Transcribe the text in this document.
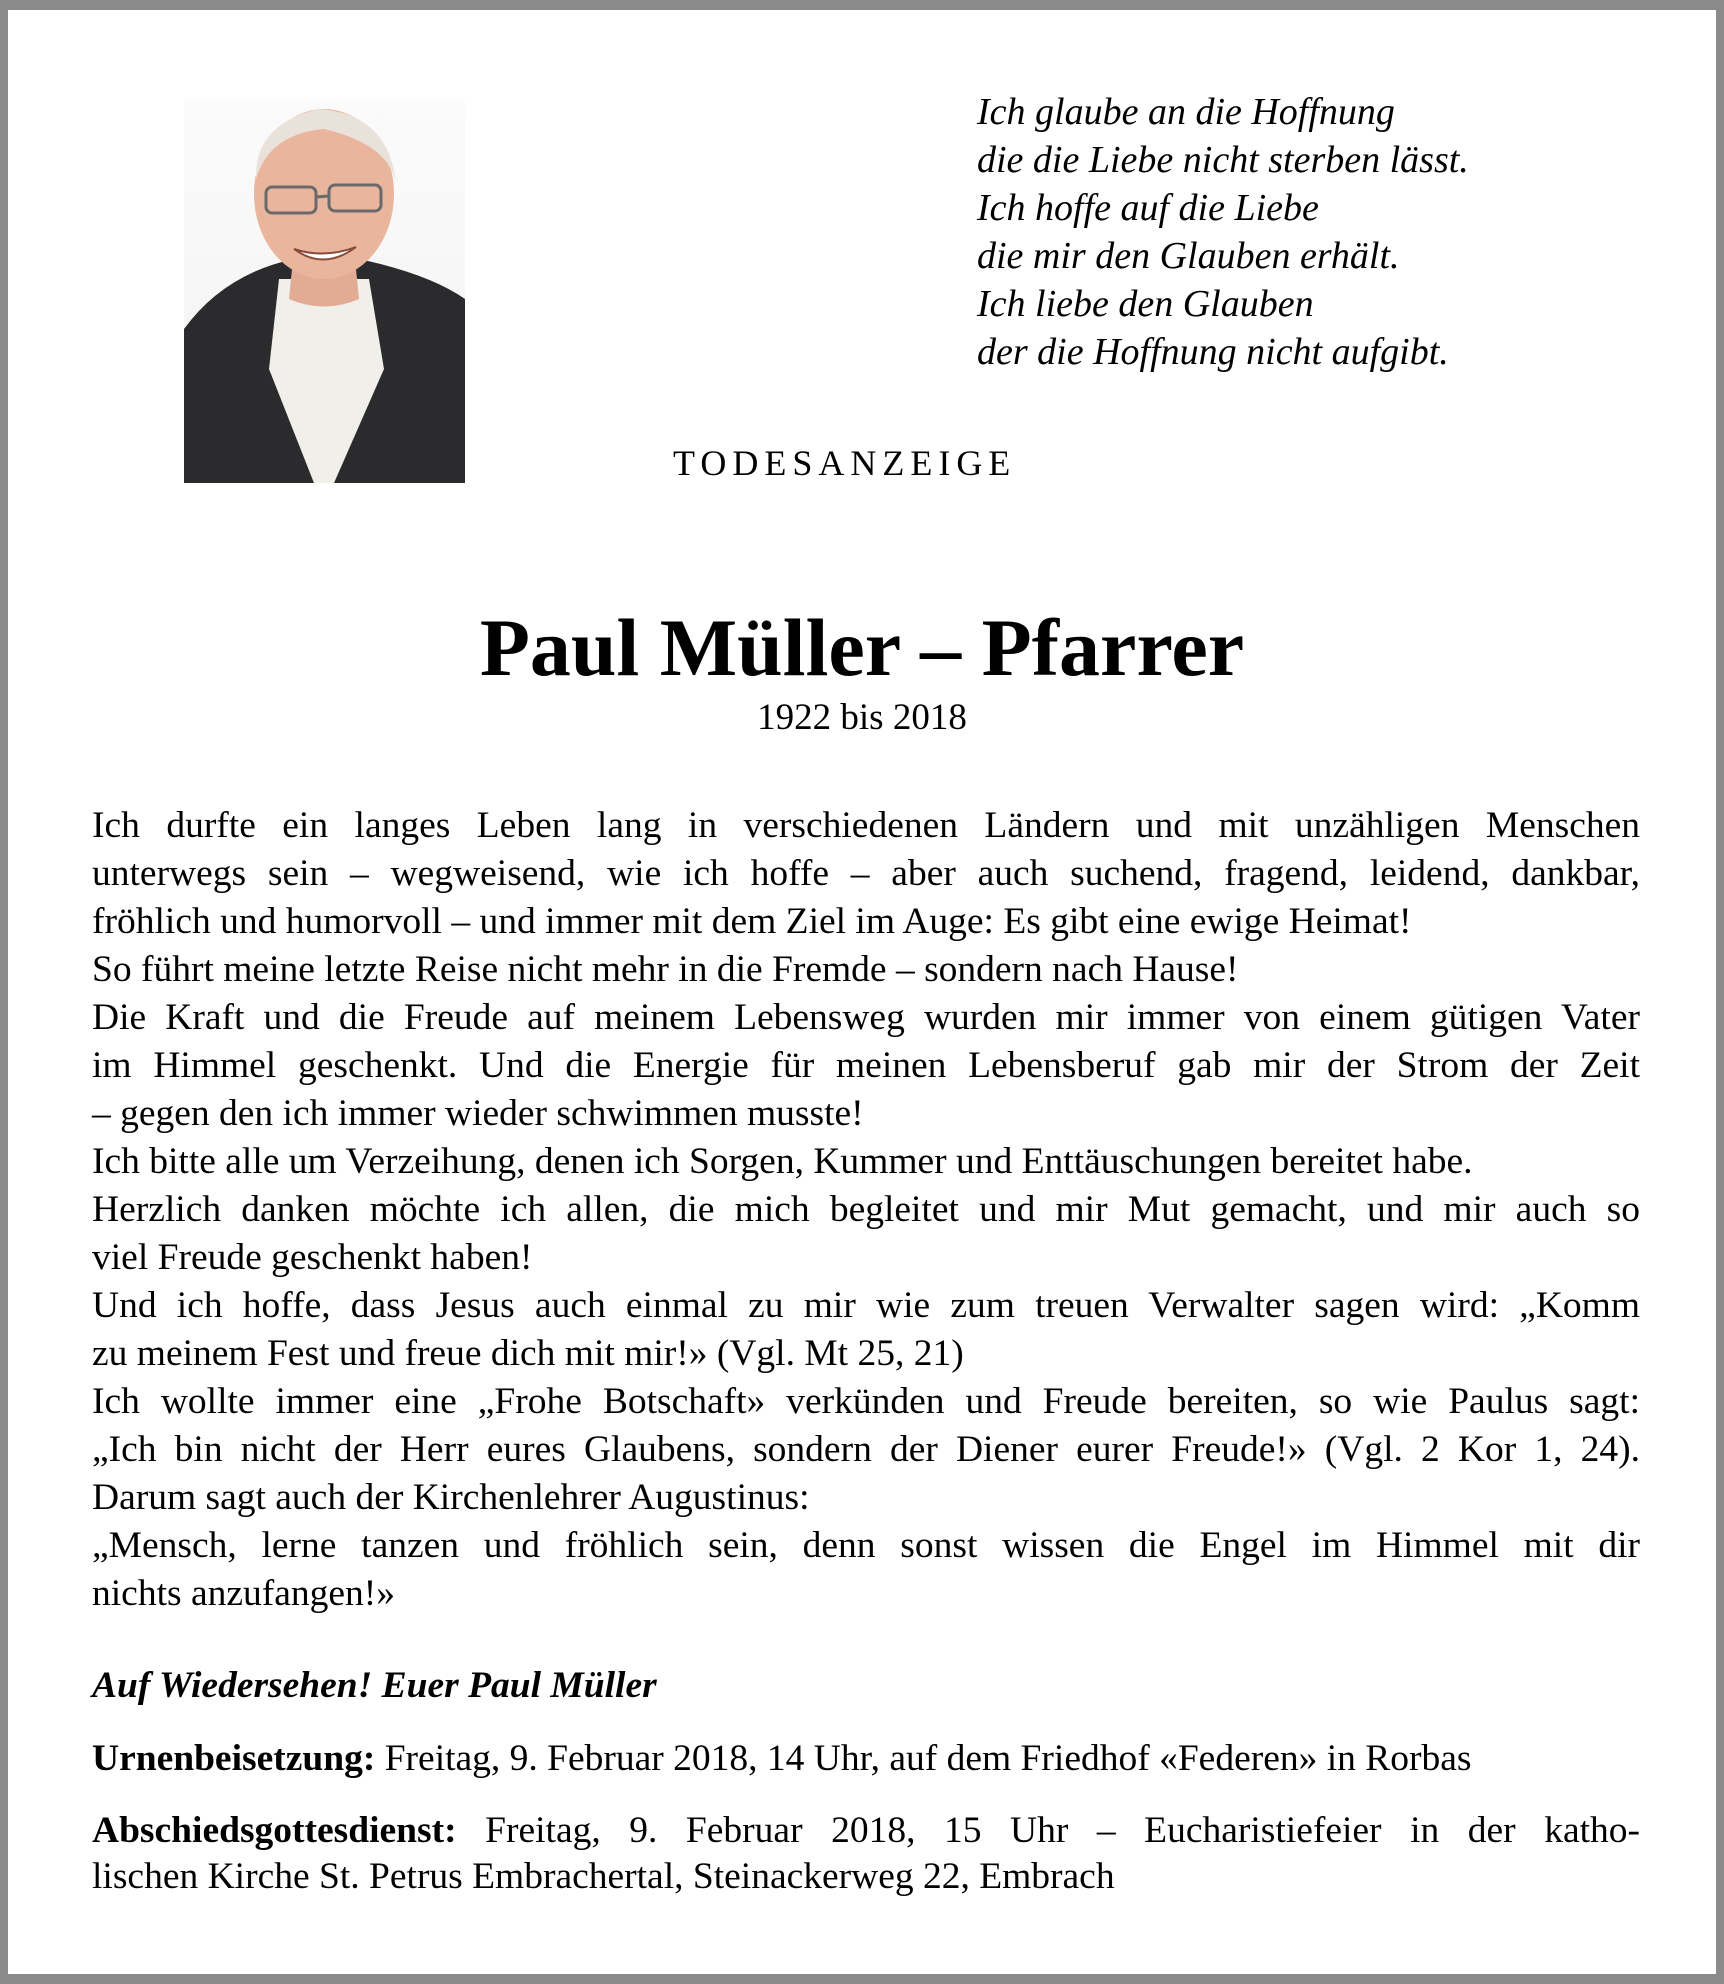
Ich glaube an die Hoffnung
die die Liebe nicht sterben lässt.
Ich hoffe auf die Liebe
die mir den Glauben erhält.
Ich liebe den Glauben
der die Hoffnung nicht aufgibt.
TODESANZEIGE
Paul Müller – Pfarrer
1922 bis 2018
Ich durfte ein langes Leben lang in verschiedenen Ländern und mit unzähligen Menschen
unterwegs sein – wegweisend, wie ich hoffe – aber auch suchend, fragend, leidend, dankbar,
fröhlich und humorvoll – und immer mit dem Ziel im Auge: Es gibt eine ewige Heimat!
So führt meine letzte Reise nicht mehr in die Fremde – sondern nach Hause!
Die Kraft und die Freude auf meinem Lebensweg wurden mir immer von einem gütigen Vater
im Himmel geschenkt. Und die Energie für meinen Lebensberuf gab mir der Strom der Zeit
– gegen den ich immer wieder schwimmen musste!
Ich bitte alle um Verzeihung, denen ich Sorgen, Kummer und Enttäuschungen bereitet habe.
Herzlich danken möchte ich allen, die mich begleitet und mir Mut gemacht, und mir auch so
viel Freude geschenkt haben!
Und ich hoffe, dass Jesus auch einmal zu mir wie zum treuen Verwalter sagen wird: „Komm
zu meinem Fest und freue dich mit mir!» (Vgl. Mt 25, 21)
Ich wollte immer eine „Frohe Botschaft» verkünden und Freude bereiten, so wie Paulus sagt:
„Ich bin nicht der Herr eures Glaubens, sondern der Diener eurer Freude!» (Vgl. 2 Kor 1, 24).
Darum sagt auch der Kirchenlehrer Augustinus:
„Mensch, lerne tanzen und fröhlich sein, denn sonst wissen die Engel im Himmel mit dir
nichts anzufangen!»
Auf Wiedersehen! Euer Paul Müller
Urnenbeisetzung: Freitag, 9. Februar 2018, 14 Uhr, auf dem Friedhof «Federen» in Rorbas
Abschiedsgottesdienst: Freitag, 9. Februar 2018, 15 Uhr – Eucharistiefeier in der katho-
lischen Kirche St. Petrus Embrachertal, Steinackerweg 22, Embrach
